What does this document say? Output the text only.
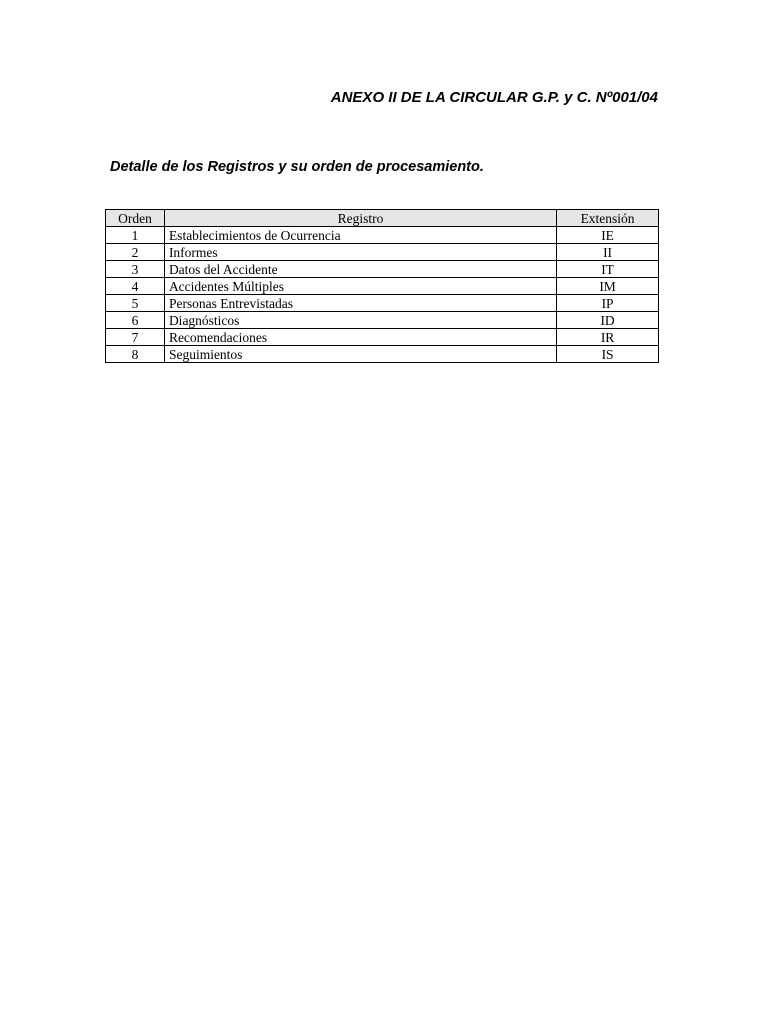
ANEXO II DE LA CIRCULAR G.P. y C. Nº001/04
Detalle de los Registros y su orden de procesamiento.
Orden	Registro	Extensión
1	Establecimientos de Ocurrencia	IE
2	Informes	II
3	Datos del Accidente	IT
4	Accidentes Múltiples	IM
5	Personas Entrevistadas	IP
6	Diagnósticos	ID
7	Recomendaciones	IR
8	Seguimientos	IS
